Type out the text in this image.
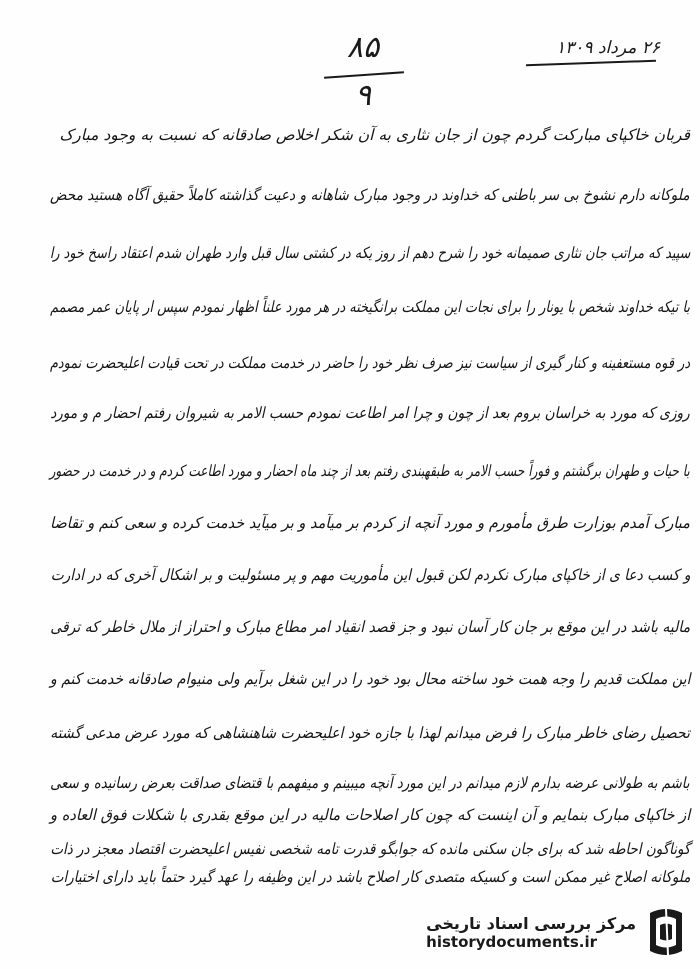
۲۶ مرداد ۱۳۰۹
۸۵
۹
قربان خاکپای مبارکت گردم چون از جان نثاری به آن شکر اخلاص صادقانه که نسبت به وجود مبارک
ملوکانه دارم نشوخ بی سر باطنی که خداوند در وجود مبارک شاهانه و دعیت گذاشته کاملاً حقیق آگاه هستید محض
سپید که مراتب جان نثاری صمیمانه خود را شرح دهم از روز یکه در کشتی سال قبل وارد طهران شدم اعتقاد راسخ خود را
با تیکه خداوند شخص با یونار را برای نجات این مملکت برانگیخته در هر مورد علناً اظهار نمودم سپس ار پایان عمر مصمم
در قوه مستعفینه و کنار گیری از سیاست نیز صرف نظر خود را حاضر در خدمت مملکت در تحت قیادت اعلیحضرت نمودم
روزی که مورد به خراسان بروم بعد از چون و چرا امر اطاعت نمودم حسب الامر به شیروان رفتم احضار م و مورد
با حیات و طهران برگشتم و فوراً حسب الامر به طبقهبندی رفتم بعد از چند ماه احضار و مورد اطاعت کردم و در خدمت در حضور
مبارک آمدم بوزارت طرق مأمورم و مورد آنچه از کردم بر میآمد و بر میآید خدمت کرده و سعی کنم و تقاضا
و کسب دعا ی از خاکپای مبارک نکردم لکن قبول این مأموریت مهم و پر مسئولیت و بر اشکال آخری که در ادارت
مالیه باشد در این موقع بر جان کار آسان نبود و جز قصد انقیاد امر مطاع مبارک و احتراز از ملال خاطر که ترقی
این مملکت قدیم را وجه همت خود ساخته محال بود خود را در این شغل برآیم ولی منیوام صادقانه خدمت کنم و
تحصیل رضای خاطر مبارک را فرض میدانم لهذا با جازه خود اعلیحضرت شاهنشاهی که مورد عرض مدعی گشته
باشم به طولانی عرضه بدارم لازم میدانم در این مورد آنچه میبینم و میفهمم با قتضای صداقت بعرض رسانیده و سعی
از خاکپای مبارک بنمایم و آن اینست که چون کار اصلاحات مالیه در این موقع بقدری با شکلات فوق العاده و
گوناگون احاطه شد که برای جان سکنی مانده که جوابگو قدرت تامه شخصی نفیس اعلیحضرت اقتصاد معجز در ذات
ملوکانه اصلاح غیر ممکن است و کسیکه متصدی کار اصلاح باشد در این وظیفه را عهد گیرد حتماً باید دارای اختیارات
مرکز بررسی اسناد تاریخی
historydocuments.ir
